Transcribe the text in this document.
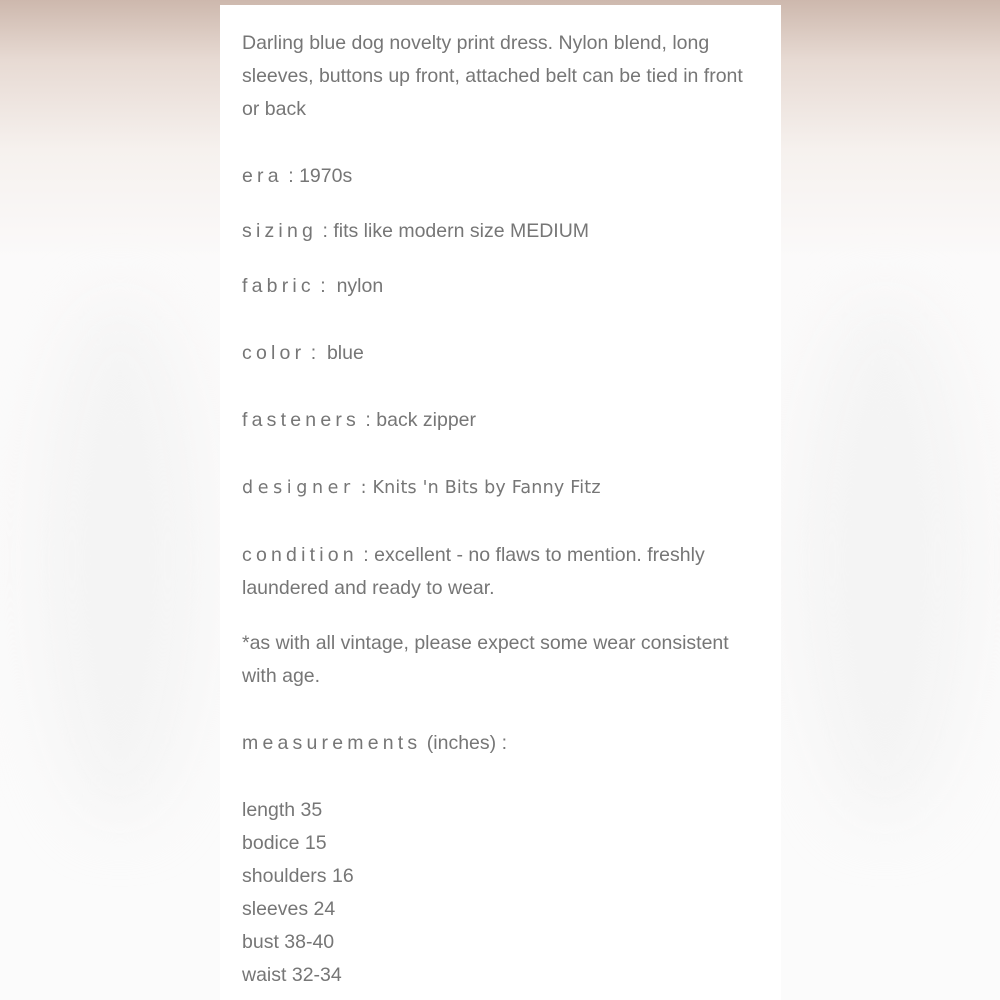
Darling blue dog novelty print dress. Nylon blend, long sleeves, buttons up front, attached belt can be tied in front or back

era : 1970s

sizing : fits like modern size MEDIUM

fabric :  nylon

color :  blue

fasteners : back zipper

designer : Knits 'n Bits by Fanny Fitz

condition : excellent - no flaws to mention. freshly laundered and ready to wear.

*as with all vintage, please expect some wear consistent with age.

measurements (inches) :

length 35

bodice 15

shoulders 16

sleeves 24

bust 38-40

waist 32-34
